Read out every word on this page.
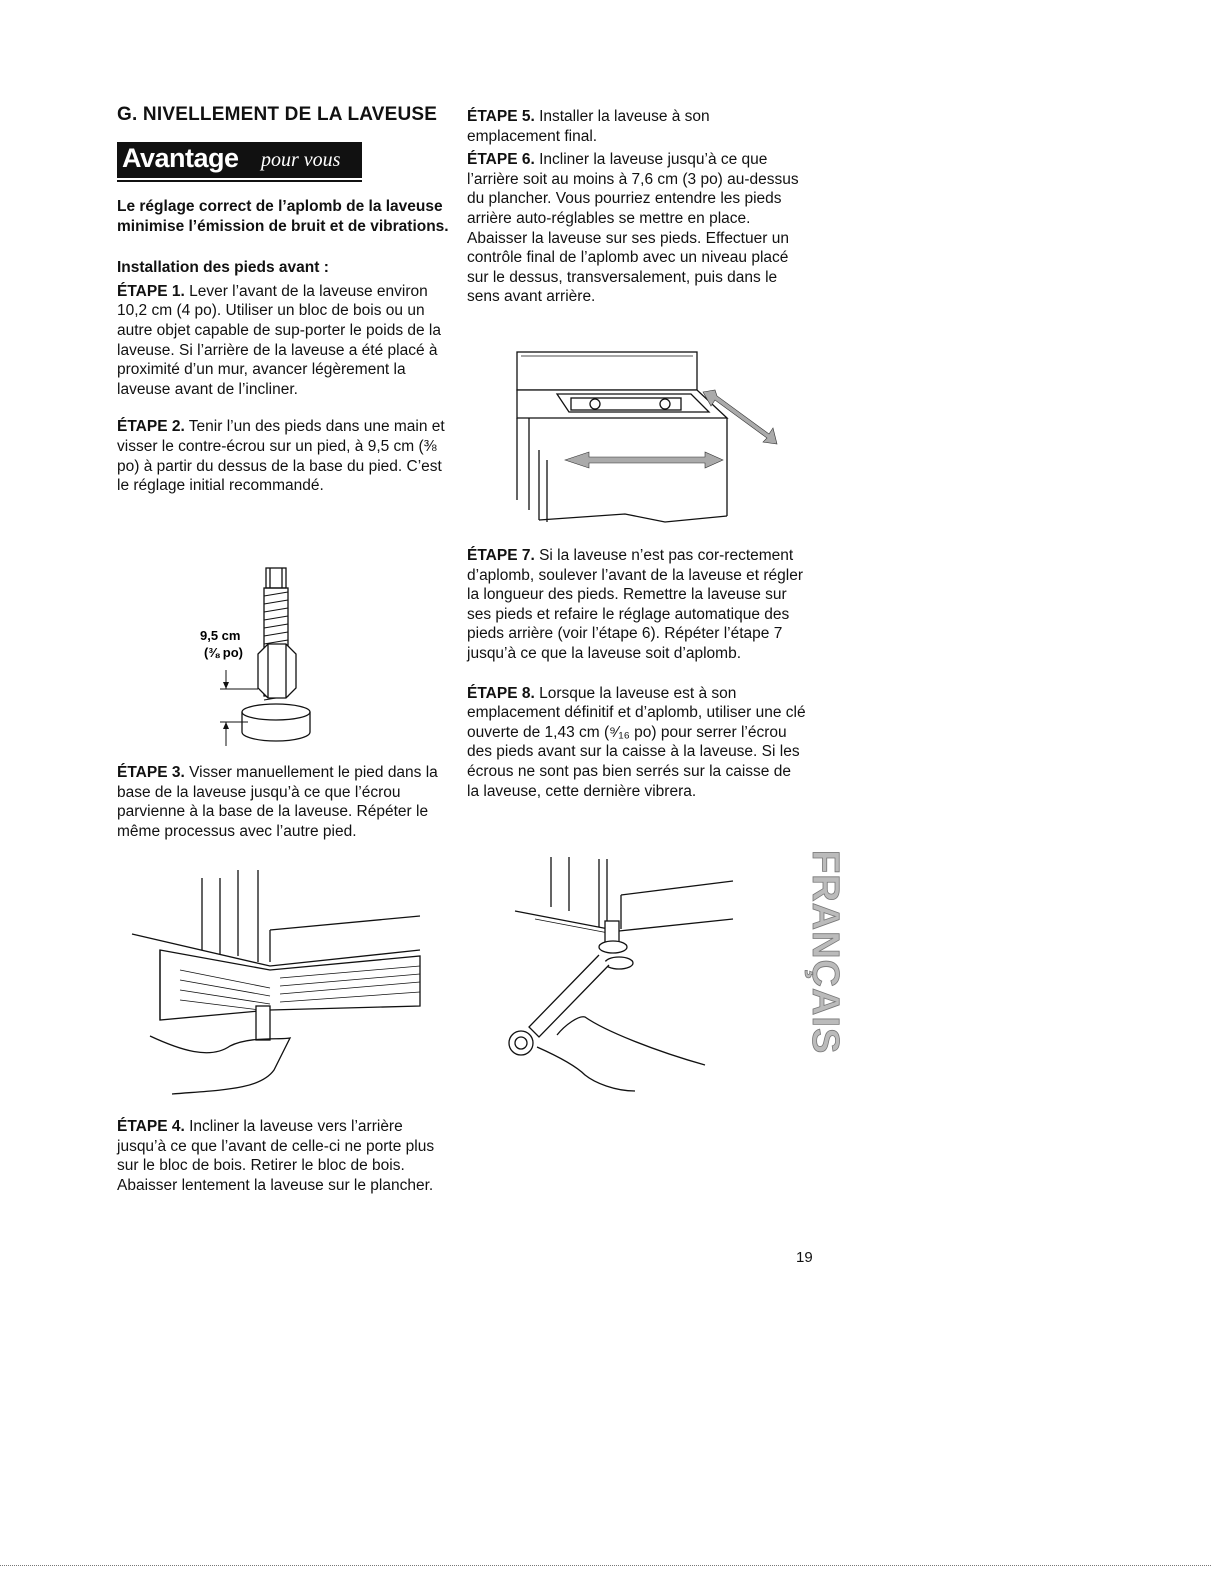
G. NIVELLEMENT DE LA LAVEUSE
Avantage pour vous

Le réglage correct de l’aplomb de la laveuse minimise l’émission de bruit et de vibrations.

Installation des pieds avant :

ÉTAPE 1. Lever l’avant de la laveuse environ 10,2 cm (4 po). Utiliser un bloc de bois ou un autre objet capable de sup-porter le poids de la laveuse. Si l’arrière de la laveuse a été placé à proximité d’un mur, avancer légèrement la laveuse avant de l’incliner.

ÉTAPE 2. Tenir l’un des pieds dans une main et visser le contre-écrou sur un pied, à 9,5 cm (⅜ po) à partir du dessus de la base du pied. C’est le réglage initial recommandé.

9,5 cm
(⅜ po)

ÉTAPE 3. Visser manuellement le pied dans la base de la laveuse jusqu’à ce que l’écrou parvienne à la base de la laveuse. Répéter le même processus avec l’autre pied.

ÉTAPE 4. Incliner la laveuse vers l’arrière jusqu’à ce que l’avant de celle-ci ne porte plus sur le bloc de bois. Retirer le bloc de bois. Abaisser lentement la laveuse sur le plancher.

ÉTAPE 5. Installer la laveuse à son emplacement final.

ÉTAPE 6. Incliner la laveuse jusqu’à ce que l’arrière soit au moins à 7,6 cm (3 po) au-dessus du plancher. Vous pourriez entendre les pieds arrière auto-réglables se mettre en place. Abaisser la laveuse sur ses pieds. Effectuer un contrôle final de l’aplomb avec un niveau placé sur le dessus, transversalement, puis dans le sens avant arrière.

ÉTAPE 7. Si la laveuse n’est pas cor-rectement d’aplomb, soulever l’avant de la laveuse et régler la longueur des pieds. Remettre la laveuse sur ses pieds et refaire le réglage automatique des pieds arrière (voir l’étape 6). Répéter l’étape 7 jusqu’à ce que la laveuse soit d’aplomb.

ÉTAPE 8. Lorsque la laveuse est à son emplacement définitif et d’aplomb, utiliser une clé ouverte de 1,43 cm (⁹⁄₁₆ po) pour serrer l’écrou des pieds avant sur la caisse à la laveuse. Si les écrous ne sont pas bien serrés sur la caisse de la laveuse, cette dernière vibrera.

FRANÇAIS
19
